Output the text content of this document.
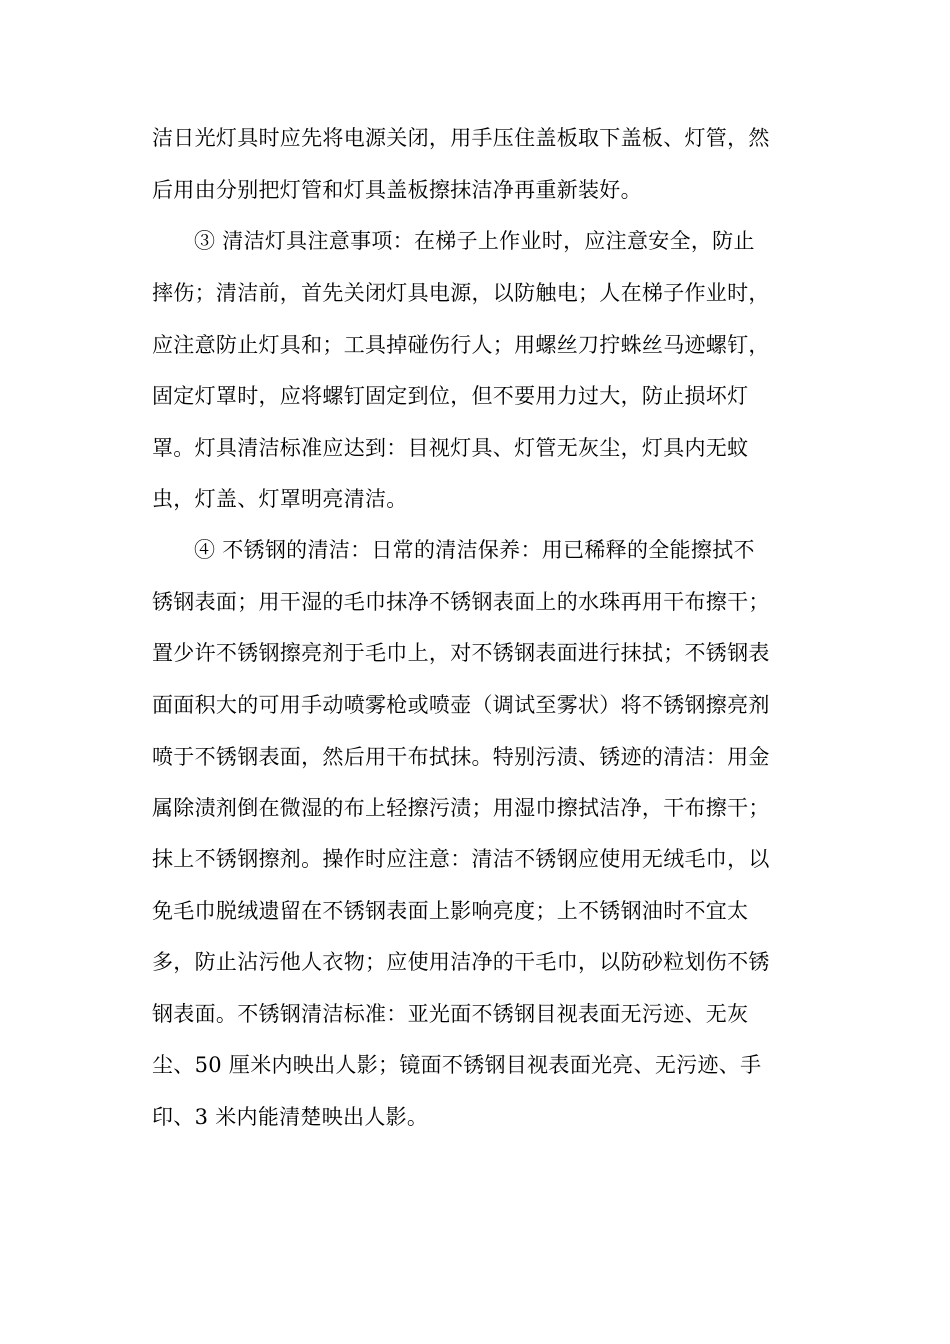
洁日光灯具时应先将电源关闭，用手压住盖板取下盖板、灯管，然
后用由分别把灯管和灯具盖板擦抹洁净再重新装好。
③ 清洁灯具注意事项：在梯子上作业时，应注意安全，防止
摔伤；清洁前，首先关闭灯具电源，以防触电；人在梯子作业时，
应注意防止灯具和；工具掉碰伤行人；用螺丝刀拧蛛丝马迹螺钉，
固定灯罩时，应将螺钉固定到位，但不要用力过大，防止损坏灯
罩。灯具清洁标准应达到：目视灯具、灯管无灰尘，灯具内无蚊
虫，灯盖、灯罩明亮清洁。
④ 不锈钢的清洁：日常的清洁保养：用已稀释的全能擦拭不
锈钢表面；用干湿的毛巾抹净不锈钢表面上的水珠再用干布擦干；
置少许不锈钢擦亮剂于毛巾上，对不锈钢表面进行抹拭；不锈钢表
面面积大的可用手动喷雾枪或喷壶（调试至雾状）将不锈钢擦亮剂
喷于不锈钢表面，然后用干布拭抹。特别污渍、锈迹的清洁：用金
属除渍剂倒在微湿的布上轻擦污渍；用湿巾擦拭洁净，干布擦干；
抹上不锈钢擦剂。操作时应注意：清洁不锈钢应使用无绒毛巾，以
免毛巾脱绒遗留在不锈钢表面上影响亮度；上不锈钢油时不宜太
多，防止沾污他人衣物；应使用洁净的干毛巾，以防砂粒划伤不锈
钢表面。不锈钢清洁标准：亚光面不锈钢目视表面无污迹、无灰
尘、50 厘米内映出人影；镜面不锈钢目视表面光亮、无污迹、手
印、3 米内能清楚映出人影。
